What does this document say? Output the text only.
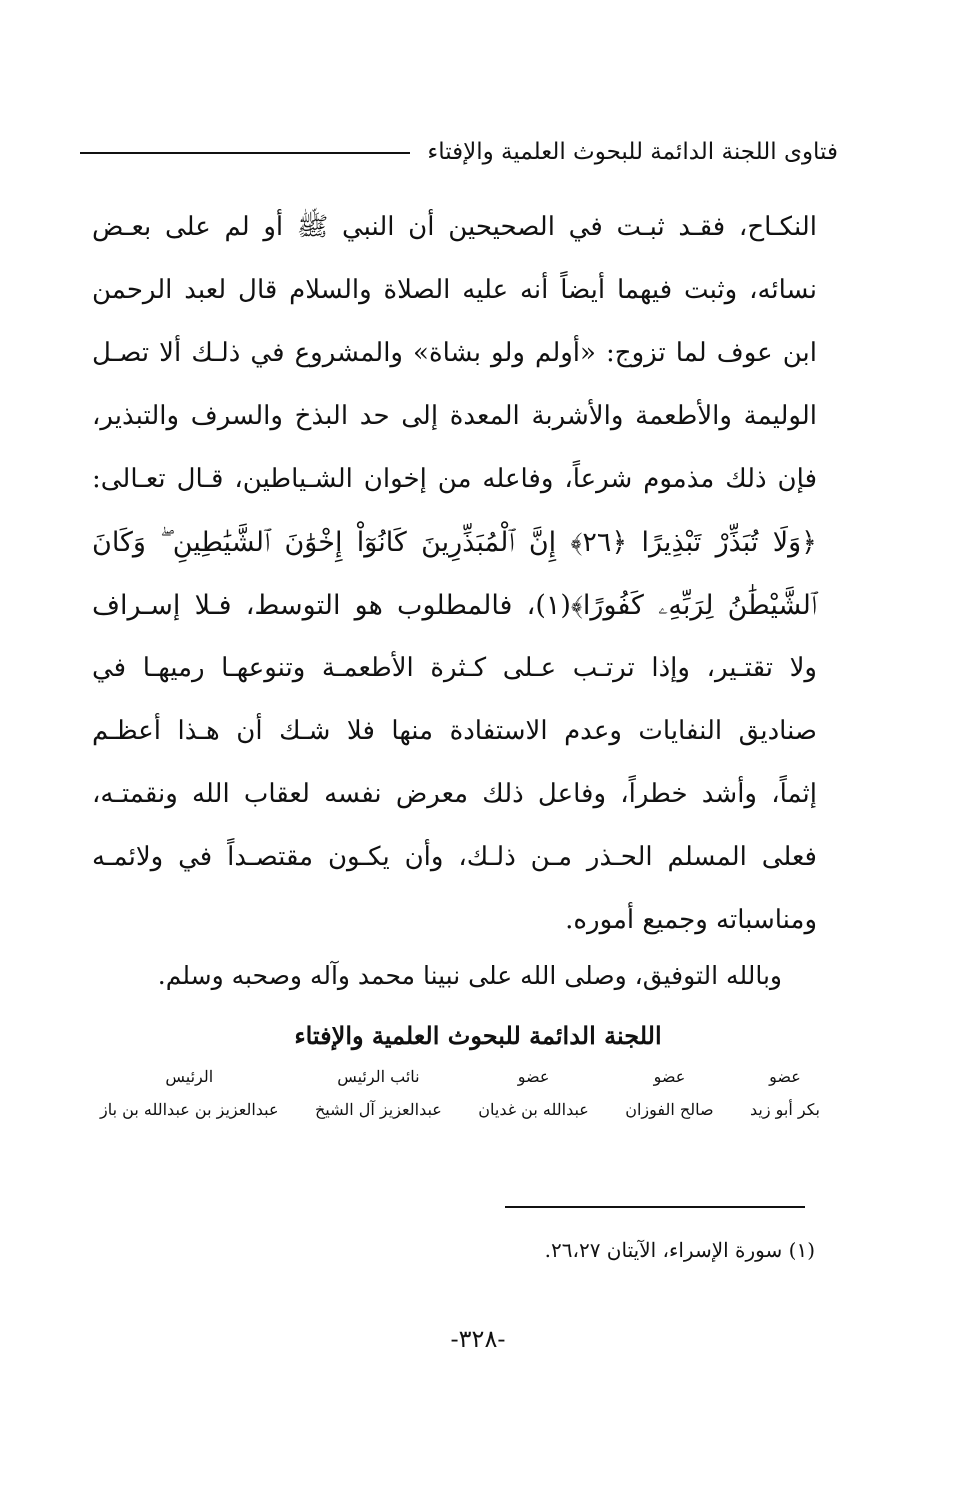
فتاوى اللجنة الدائمة للبحوث العلمية والإفتاء
النكـاح، فقـد ثبـت في الصحيحين أن النبي ﷺ أو لم على بعـض
نسائه، وثبت فيهما أيضاً أنه عليه الصلاة والسلام قال لعبد الرحمن
ابن عوف لما تزوج: «أولم ولو بشاة» والمشروع في ذلـك ألا تصـل
الوليمة والأطعمة والأشربة المعدة إلى حد البذخ والسرف والتبذير،
فإن ذلك مذموم شرعاً، وفاعله من إخوان الشـياطين، قـال تعـالى:
﴿وَلَا تُبَذِّرْ تَبْذِيرًا ﴿٢٦﴾ إِنَّ ٱلْمُبَذِّرِينَ كَانُوٓاْ إِخْوَٰنَ ٱلشَّيَٰطِينِ ۖ وَكَانَ
ٱلشَّيْطَٰنُ لِرَبِّهِۦ كَفُورًا﴾(١)، فالمطلوب هو التوسط، فـلا إسـراف
ولا تقتـير، وإذا ترتـب عـلى كـثرة الأطعمـة وتنوعهـا رميهـا في
صناديق النفايات وعدم الاستفادة منها فلا شـك أن هـذا أعظـم
إثماً، وأشد خطراً، وفاعل ذلك معرض نفسه لعقاب الله ونقمتـه،
فعلى المسلم الحـذر مـن ذلـك، وأن يكـون مقتصـداً في ولائمـه
ومناسباته وجميع أموره.
وبالله التوفيق، وصلى الله على نبينا محمد وآله وصحبه وسلم.
اللجنة الدائمة للبحوث العلمية والإفتاء
عضو
بكر أبو زيد
عضو
صالح الفوزان
عضو
عبدالله بن غديان
نائب الرئيس
عبدالعزيز آل الشيخ
الرئيس
عبدالعزيز بن عبدالله بن باز
(١) سورة الإسراء، الآيتان ٢٦،٢٧.
-٣٢٨-
